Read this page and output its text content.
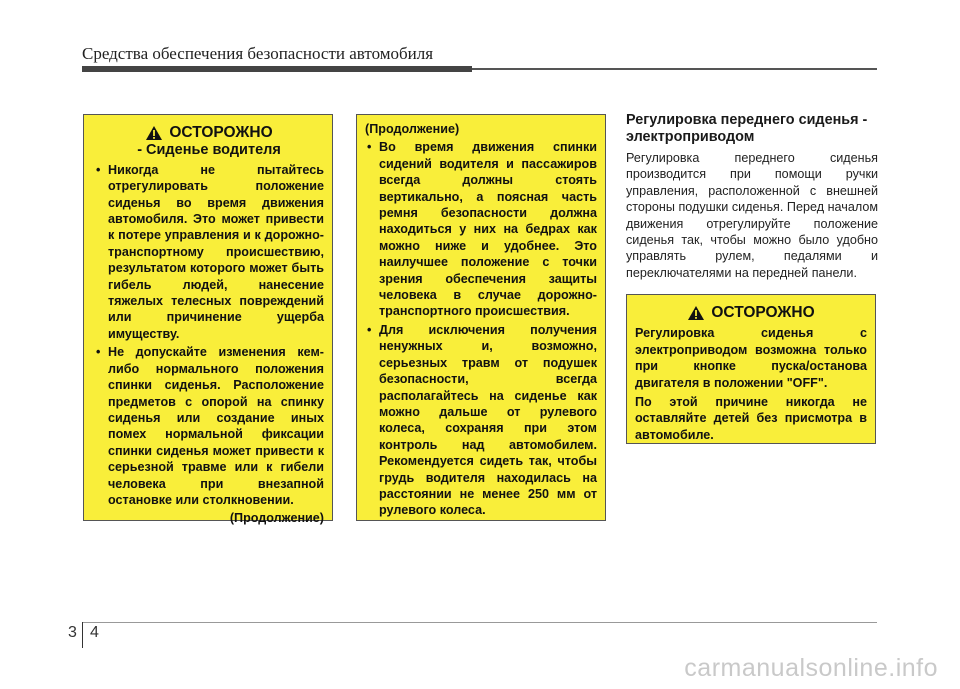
Средства обеспечения безопасности автомобиля
ОСТОРОЖНО
- Сиденье водителя
• Никогда не пытайтесь отрегулировать положение сиденья во время движения автомобиля. Это может привести к потере управления и к дорожно-транспортному происшествию, результатом которого может быть гибель людей, нанесение тяжелых телесных повреждений или причинение ущерба имуществу.
• Не допускайте изменения кем-либо нормального положения спинки сиденья. Расположение предметов с опорой на спинку сиденья или создание иных помех нормальной фиксации спинки сиденья может привести к серьезной травме или к гибели человека при внезапной остановке или столкновении.
(Продолжение)
(Продолжение)
• Во время движения спинки сидений водителя и пассажиров всегда должны стоять вертикально, а поясная часть ремня безопасности должна находиться у них на бедрах как можно ниже и удобнее. Это наилучшее положение с точки зрения обеспечения защиты человека в случае дорожно-транспортного происшествия.
• Для исключения получения ненужных и, возможно, серьезных травм от подушек безопасности, всегда располагайтесь на сиденье как можно дальше от рулевого колеса, сохраняя при этом контроль над автомобилем. Рекомендуется сидеть так, чтобы грудь водителя находилась на расстоянии не менее 250 мм от рулевого колеса.
Регулировка переднего сиденья - электроприводом
Регулировка переднего сиденья производится при помощи ручки управления, расположенной с внешней стороны подушки сиденья. Перед началом движения отрегулируйте положение сиденья так, чтобы можно было удобно управлять рулем, педалями и переключателями на передней панели.
ОСТОРОЖНО
Регулировка сиденья с электроприводом возможна только при кнопке пуска/останова двигателя в положении "OFF".
По этой причине никогда не оставляйте детей без присмотра в автомобиле.
3 4
carmanualsonline.info
